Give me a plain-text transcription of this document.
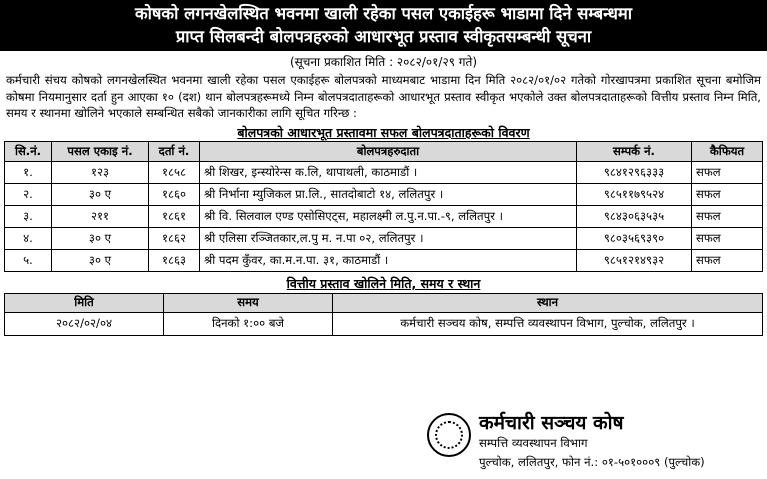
कोषको लगनखेलस्थित भवनमा खाली रहेका पसल एकाईहरू भाडामा दिने सम्बन्धमा
प्राप्त सिलबन्दी बोलपत्रहरुको आधारभूत प्रस्ताव स्वीकृतसम्बन्धी सूचना
(सूचना प्रकाशित मिति : २०८२/०१/२९ गते)

कर्मचारी संचय कोषको लगनखेलस्थित भवनमा खाली रहेका पसल एकाईहरू बोलपत्रको माध्यमबाट भाडामा दिन मिति २०८२/०१/०२ गतेको गोरखापत्रमा प्रकाशित सूचना बमोजिम कोषमा नियमानुसार दर्ता हुन आएका १० (दश) थान बोलपत्रहरूमध्ये निम्न बोलपत्रदाताहरूको आधारभूत प्रस्ताव स्वीकृत भएकोले उक्त बोलपत्रदाताहरूको वित्तीय प्रस्ताव निम्न मिति, समय र स्थानमा खोलिने भएकाले सम्बन्धित सबैको जानकारीका लागि सूचित गरिन्छ :

बोलपत्रको आधारभूत प्रस्तावमा सफल बोलपत्रदाताहरूको विवरण
सि.नं.	पसल एकाइ नं.	दर्ता नं.	बोलपत्रहरुदाता	सम्पर्क नं.	कैफियत
१.	१२३	१८५८	श्री शिखर, इन्स्योरेन्स क.लि, थापाथली, काठमाडौं ।	९८४१२९६३३३	सफल
२.	३० ए	१८६०	श्री निर्भाना म्युजिकल प्रा.लि., सातदोबाटो १४, ललितपुर ।	९८५११७९५२४	सफल
३.	२११	१८६१	श्री वि. सिलवाल एण्ड एसोसिएट्स, महालक्ष्मी ल.पु.न.पा.-९, ललितपुर ।	९८४३०६३५३५	सफल
४.	३० ए	१८६२	श्री एलिसा रञ्जितकार,ल.पु म. न.पा ०२, ललितपुर ।	९८०३५६९३९०	सफल
५.	३० ए	१८६३	श्री पदम कुँवर, का.म.न.पा. ३१, काठमाडौं ।	९८५१२१४९३२	सफल
वित्तीय प्रस्ताव खोलिने मिति, समय र स्थान
मिति	समय	स्थान
२०८२/०२/०४	दिनको १:०० बजे	कर्मचारी सञ्चय कोष, सम्पत्ति व्यवस्थापन विभाग, पुल्चोक, ललितपुर ।
कर्मचारी सञ्चय कोष
सम्पत्ति व्यवस्थापन विभाग
पुल्चोक, ललितपुर, फोन नं.: ०१-५०१०००९ (पुल्चोक)
